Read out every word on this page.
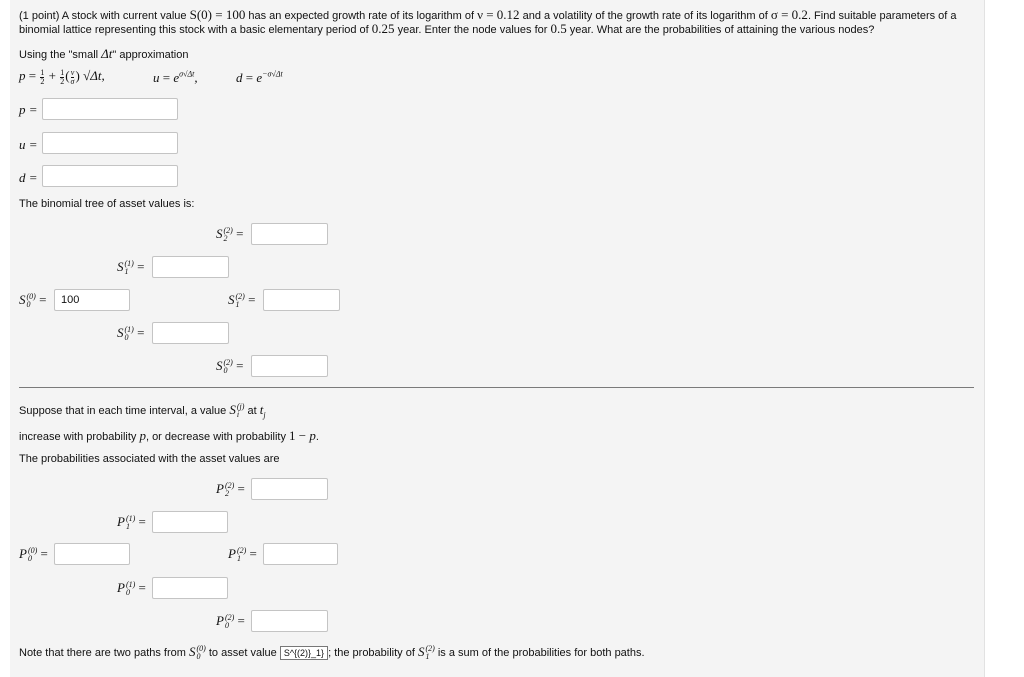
(1 point) A stock with current value S(0) = 100 has an expected growth rate of its logarithm of ν = 0.12 and a volatility of the growth rate of its logarithm of σ = 0.2. Find suitable parameters of a
binomial lattice representing this stock with a basic elementary period of 0.25 year. Enter the node values for 0.5 year. What are the probabilities of attaining the various nodes?
Using the "small Δt" approximation
$p = \frac{1}{2} + \frac{1}{2}$ ( $\frac{\nu}{\sigma}$ ) √Δt,	$u = e^{\sigma√\Delta t}$,	$d = e^{-\sigma√\Delta t}$
p =
u =
d =
The binomial tree of asset values is:
S (2)
2 =
S (1)
1 =
S (0)
0 =
100	S (2)
1 =
S (1)
0 =
S (2)
0 =
Suppose that in each time interval, a value S (j)
i at $t_j$
increase with probability p, or decrease with probability 1 − p.
The probabilities associated with the asset values are
P (2)
2 =
P (1)
1 =
P (0)
0 =	P (2)
1 =
P (1)
0 =
P (2)
0 =
Note that there are two paths from S (0)
0 to asset value S^{(2)}_1} ; the probability of S (2)
1 is a sum of the probabilities for both paths.
